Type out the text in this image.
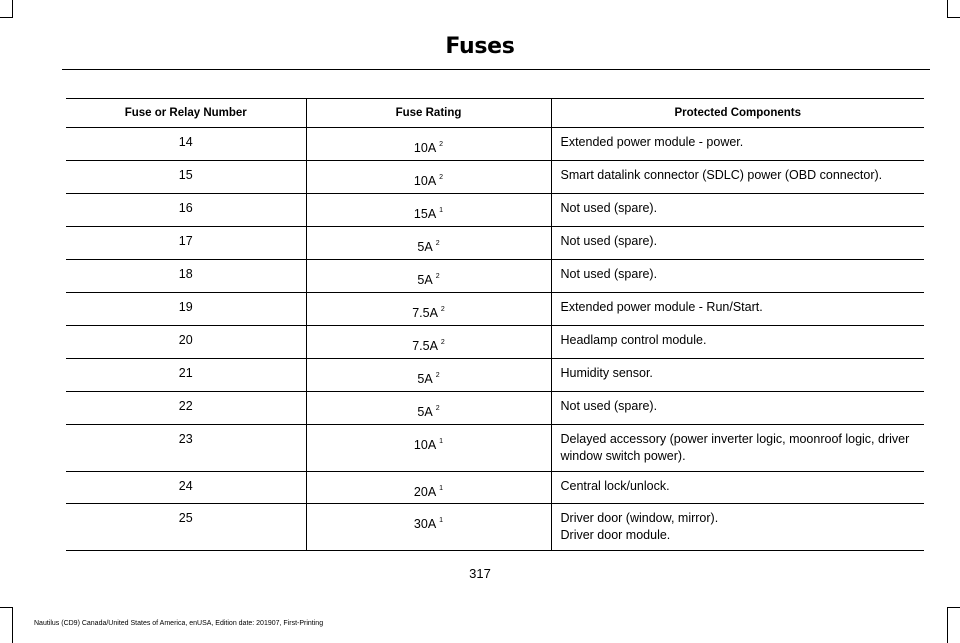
Fuses
Fuse or Relay Number	Fuse Rating	Protected Components
14	10A $^2$	Extended power module - power.
15	10A $^2$	Smart datalink connector (SDLC) power (OBD connector).
16	15A $^1$	Not used (spare).
17	5A $^2$	Not used (spare).
18	5A $^2$	Not used (spare).
19	7.5A $^2$	Extended power module - Run/Start.
20	7.5A $^2$	Headlamp control module.
21	5A $^2$	Humidity sensor.
22	5A $^2$	Not used (spare).
23	10A $^1$	Delayed accessory (power inverter logic, moonroof logic, driver window switch power).
24	20A $^1$	Central lock/unlock.
25	30A $^1$	Driver door (window, mirror).
Driver door module.
317
Nautilus (CD9) Canada/United States of America, enUSA, Edition date: 201907, First-Printing
